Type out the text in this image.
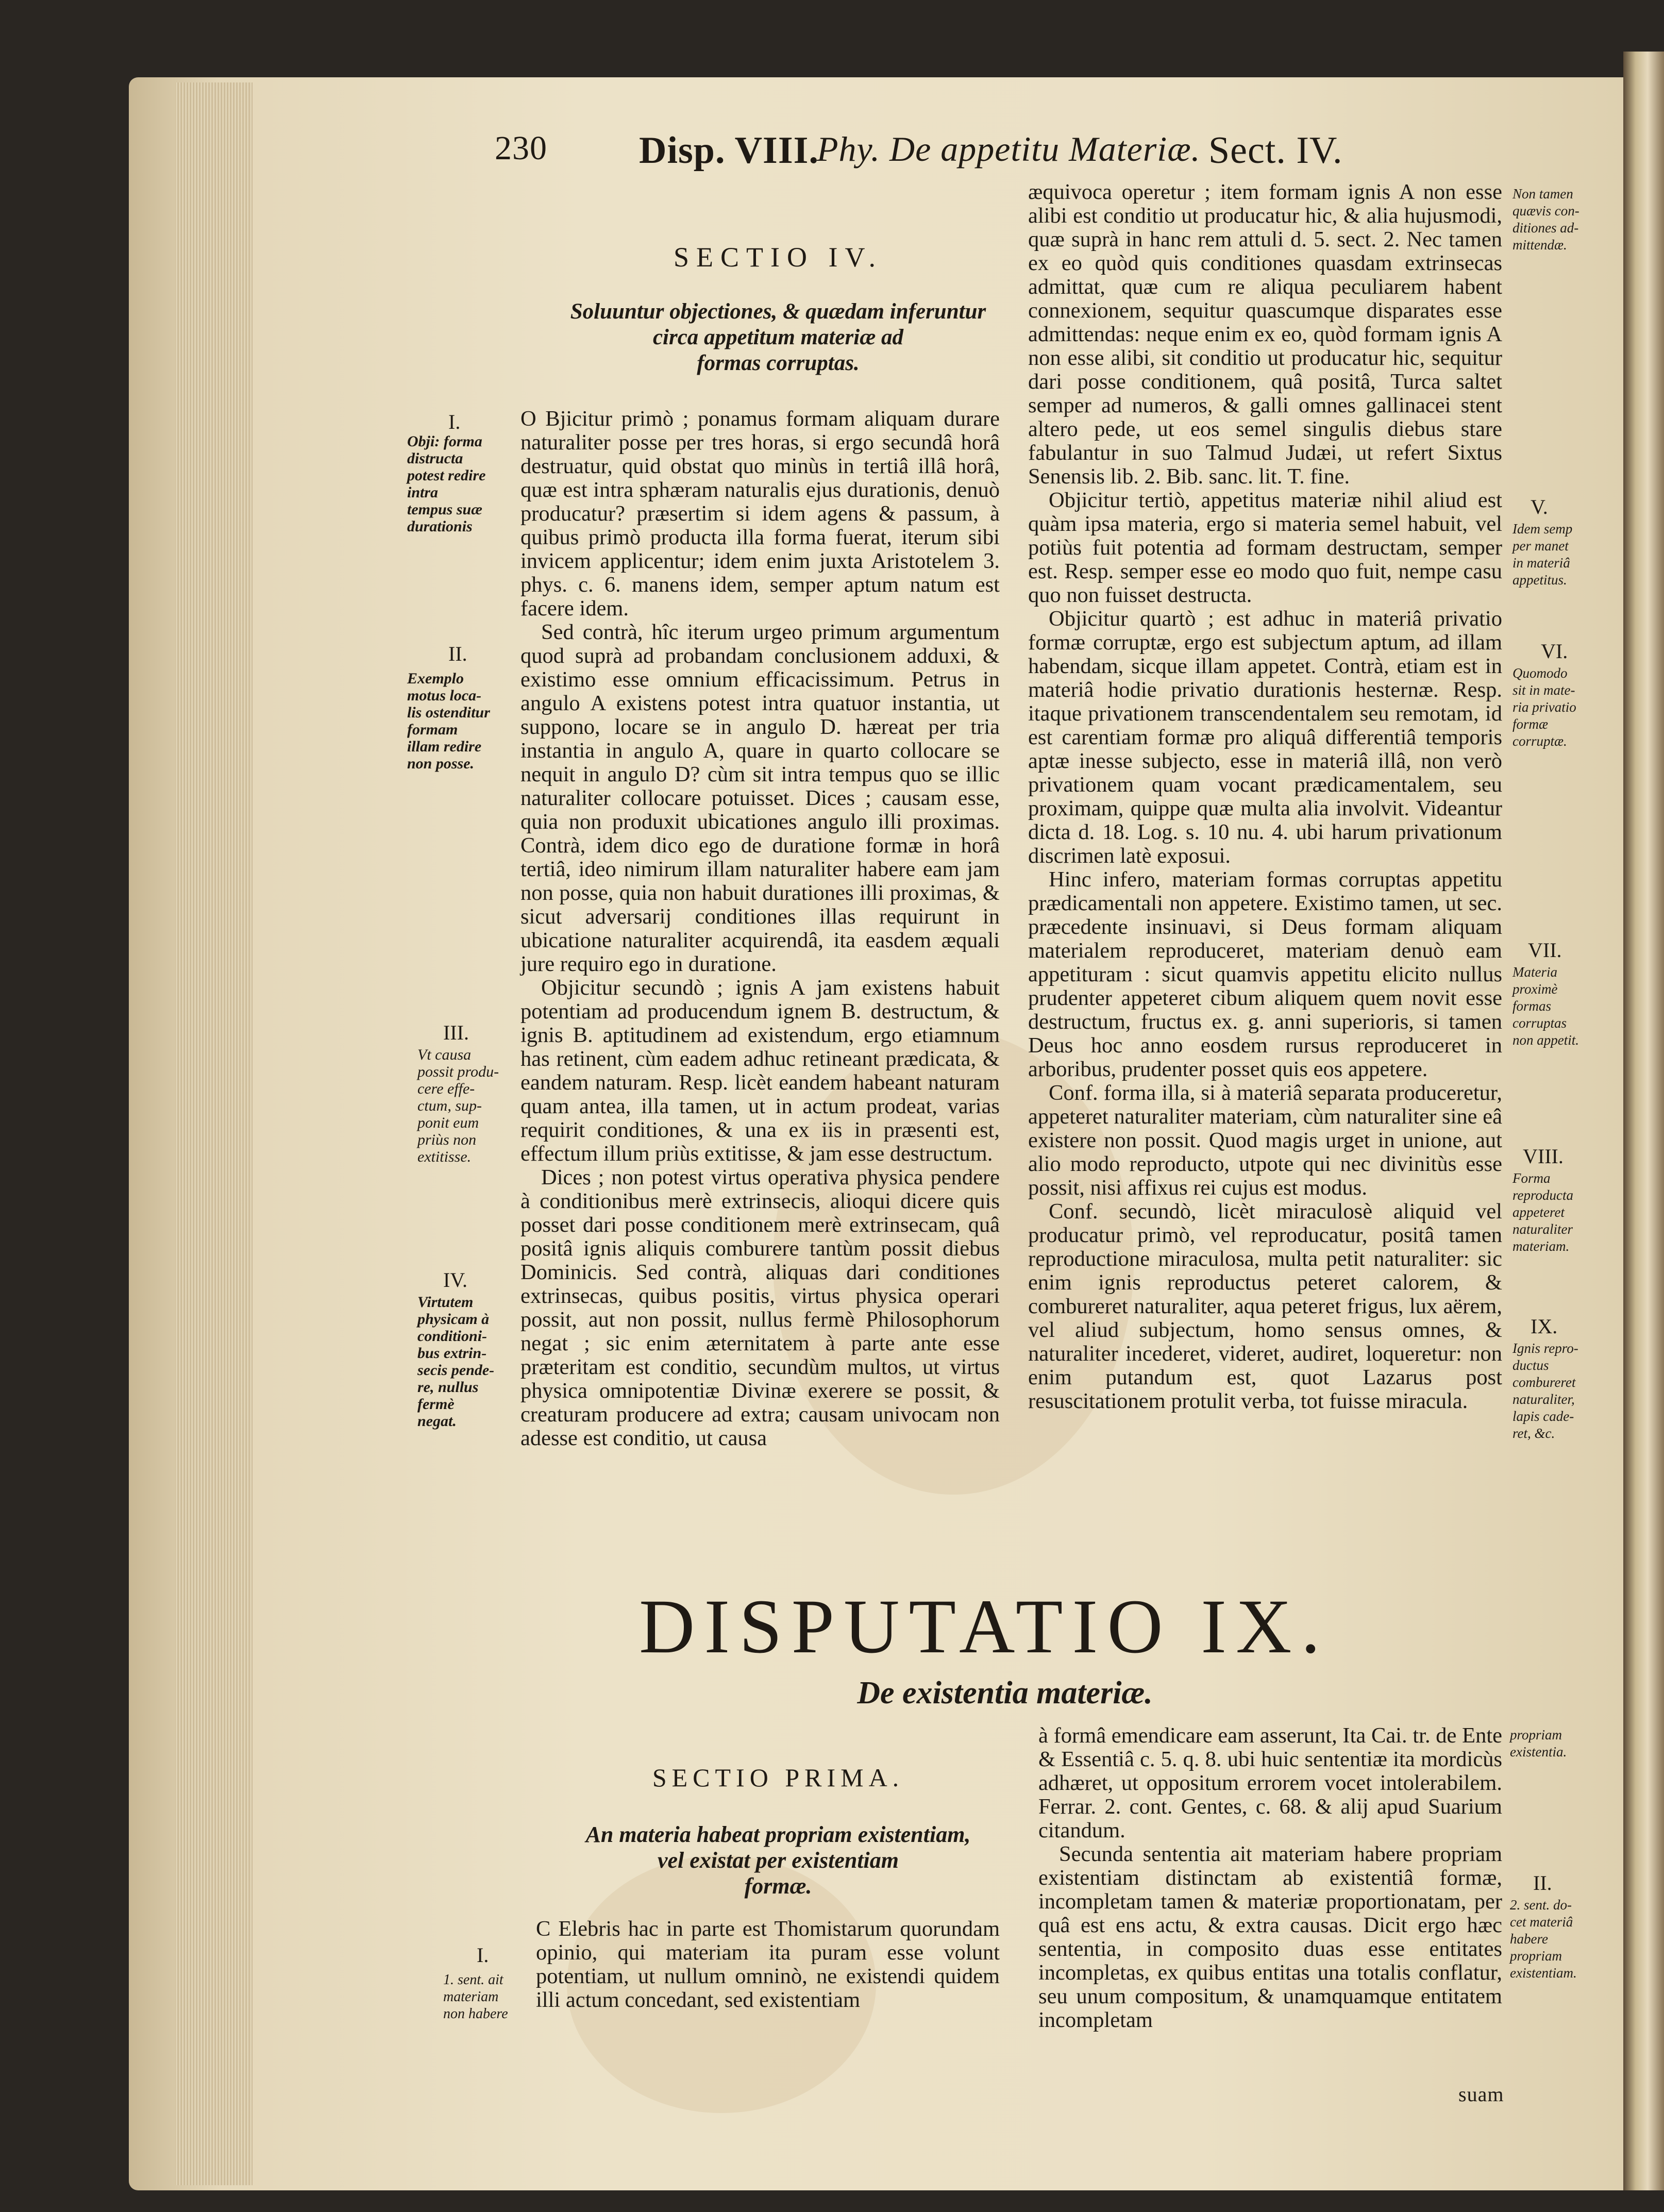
230 Disp. VIII.
Phy. De appetitu Materiæ. Sect. IV.
SECTIO IV.
Soluuntur objectiones, & quædam inferuntur
circa appetitum materiæ ad
formas corruptas.
I.
Obji: forma
distructa
potest redire
intra
tempus suæ
durationis
II.
Exemplo
motus loca-
lis ostenditur
formam
illam redire
non posse.
III.
Vt causa
possit produ-
cere effe-
ctum, sup-
ponit eum
priùs non
extitisse.
IV.
Virtutem
physicam à
conditioni-
bus extrin-
secis pende-
re, nullus
fermè
negat.

O Bjicitur primò ; ponamus formam aliquam durare naturaliter posse per tres horas, si ergo secundâ horâ destruatur, quid obstat quo minùs in tertiâ illâ horâ, quæ est intra sphæram naturalis ejus durationis, denuò producatur? præsertim si idem agens & passum, à quibus primò producta illa forma fuerat, iterum sibi invicem applicentur; idem enim juxta Aristotelem 3. phys. c. 6. manens idem, semper aptum natum est facere idem.

Sed contrà, hîc iterum urgeo primum argumentum quod suprà ad probandam conclusionem adduxi, & existimo esse omnium efficacissimum. Petrus in angulo A existens potest intra quatuor instantia, ut suppono, locare se in angulo D. hæreat per tria instantia in angulo A, quare in quarto collocare se nequit in angulo D? cùm sit intra tempus quo se illic naturaliter collocare potuisset. Dices ; causam esse, quia non produxit ubicationes angulo illi proximas. Contrà, idem dico ego de duratione formæ in horâ tertiâ, ideo nimirum illam naturaliter habere eam jam non posse, quia non habuit durationes illi proximas, & sicut adversarij conditiones illas requirunt in ubicatione naturaliter acquirendâ, ita easdem æquali jure requiro ego in duratione.

Objicitur secundò ; ignis A jam existens habuit potentiam ad producendum ignem B. destructum, & ignis B. aptitudinem ad existendum, ergo etiamnum has retinent, cùm eadem adhuc retineant prædicata, & eandem naturam. Resp. licèt eandem habeant naturam quam antea, illa tamen, ut in actum prodeat, varias requirit conditiones, & una ex iis in præsenti est, effectum illum priùs extitisse, & jam esse destructum.

Dices ; non potest virtus operativa physica pendere à conditionibus merè extrinsecis, alioqui dicere quis posset dari posse conditionem merè extrinsecam, quâ positâ ignis aliquis comburere tantùm possit diebus Dominicis. Sed contrà, aliquas dari conditiones extrinsecas, quibus positis, virtus physica operari possit, aut non possit, nullus fermè Philosophorum negat ; sic enim æternitatem à parte ante esse præteritam est conditio, secundùm multos, ut virtus physica omnipotentiæ Divinæ exerere se possit, & creaturam producere ad extra; causam univocam non adesse est conditio, ut causa

æquivoca operetur ; item formam ignis A non esse alibi est conditio ut producatur hic, & alia hujusmodi, quæ suprà in hanc rem attuli d. 5. sect. 2. Nec tamen ex eo quòd quis conditiones quasdam extrinsecas admittat, quæ cum re aliqua peculiarem habent connexionem, sequitur quascumque disparates esse admittendas: neque enim ex eo, quòd formam ignis A non esse alibi, sit conditio ut producatur hic, sequitur dari posse conditionem, quâ positâ, Turca saltet semper ad numeros, & galli omnes gallinacei stent altero pede, ut eos semel singulis diebus stare fabulantur in suo Talmud Judæi, ut refert Sixtus Senensis lib. 2. Bib. sanc. lit. T. fine.

Objicitur tertiò, appetitus materiæ nihil aliud est quàm ipsa materia, ergo si materia semel habuit, vel potiùs fuit potentia ad formam destructam, semper est. Resp. semper esse eo modo quo fuit, nempe casu quo non fuisset destructa.

Objicitur quartò ; est adhuc in materiâ privatio formæ corruptæ, ergo est subjectum aptum, ad illam habendam, sicque illam appetet. Contrà, etiam est in materiâ hodie privatio durationis hesternæ. Resp. itaque privationem transcendentalem seu remotam, id est carentiam formæ pro aliquâ differentiâ temporis aptæ inesse subjecto, esse in materiâ illâ, non verò privationem quam vocant prædicamentalem, seu proximam, quippe quæ multa alia involvit. Videantur dicta d. 18. Log. s. 10 nu. 4. ubi harum privationum discrimen latè exposui.

Hinc infero, materiam formas corruptas appetitu prædicamentali non appetere. Existimo tamen, ut sec. præcedente insinuavi, si Deus formam aliquam materialem reproduceret, materiam denuò eam appetituram : sicut quamvis appetitu elicito nullus prudenter appeteret cibum aliquem quem novit esse destructum, fructus ex. g. anni superioris, si tamen Deus hoc anno eosdem rursus reproduceret in arboribus, prudenter posset quis eos appetere.

Conf. forma illa, si à materiâ separata produceretur, appeteret naturaliter materiam, cùm naturaliter sine eâ existere non possit. Quod magis urget in unione, aut alio modo reproducto, utpote qui nec divinitùs esse possit, nisi affixus rei cujus est modus.

Conf. secundò, licèt miraculosè aliquid vel producatur primò, vel reproducatur, positâ tamen reproductione miraculosa, multa petit naturaliter: sic enim ignis reproductus peteret calorem, & combureret naturaliter, aqua peteret frigus, lux aërem, vel aliud subjectum, homo sensus omnes, & naturaliter incederet, videret, audiret, loqueretur: non enim putandum est, quot Lazarus post resuscitationem protulit verba, tot fuisse miracula.

Non tamen
quævis con-
ditiones ad-
mittendæ.
V.
Idem semp
per manet
in materiâ
appetitus.
VI.
Quomodo
sit in mate-
ria privatio
formæ
corruptæ.
VII.
Materia
proximè
formas
corruptas
non appetit.
VIII.
Forma
reproducta
appeteret
naturaliter
materiam.
IX.
Ignis repro-
ductus
combureret
naturaliter,
lapis cade-
ret, &c.
DISPUTATIO IX.
De existentia materiæ.
SECTIO PRIMA.
An materia habeat propriam existentiam,
vel existat per existentiam
formæ.
I.
1. sent. ait
materiam
non habere

C Elebris hac in parte est Thomistarum quorundam opinio, qui materiam ita puram esse volunt potentiam, ut nullum omninò, ne existendi quidem illi actum concedant, sed existentiam

à formâ emendicare eam asserunt, Ita Cai. tr. de Ente & Essentiâ c. 5. q. 8. ubi huic sententiæ ita mordicùs adhæret, ut oppositum errorem vocet intolerabilem. Ferrar. 2. cont. Gentes, c. 68. & alij apud Suarium citandum.

Secunda sententia ait materiam habere propriam existentiam distinctam ab existentiâ formæ, incompletam tamen & materiæ proportionatam, per quâ est ens actu, & extra causas. Dicit ergo hæc sententia, in composito duas esse entitates incompletas, ex quibus entitas una totalis conflatur, seu unum compositum, & unamquamque entitatem incompletam

suam
propriam
existentia.
II.
2. sent. do-
cet materiâ
habere
propriam
existentiam.
